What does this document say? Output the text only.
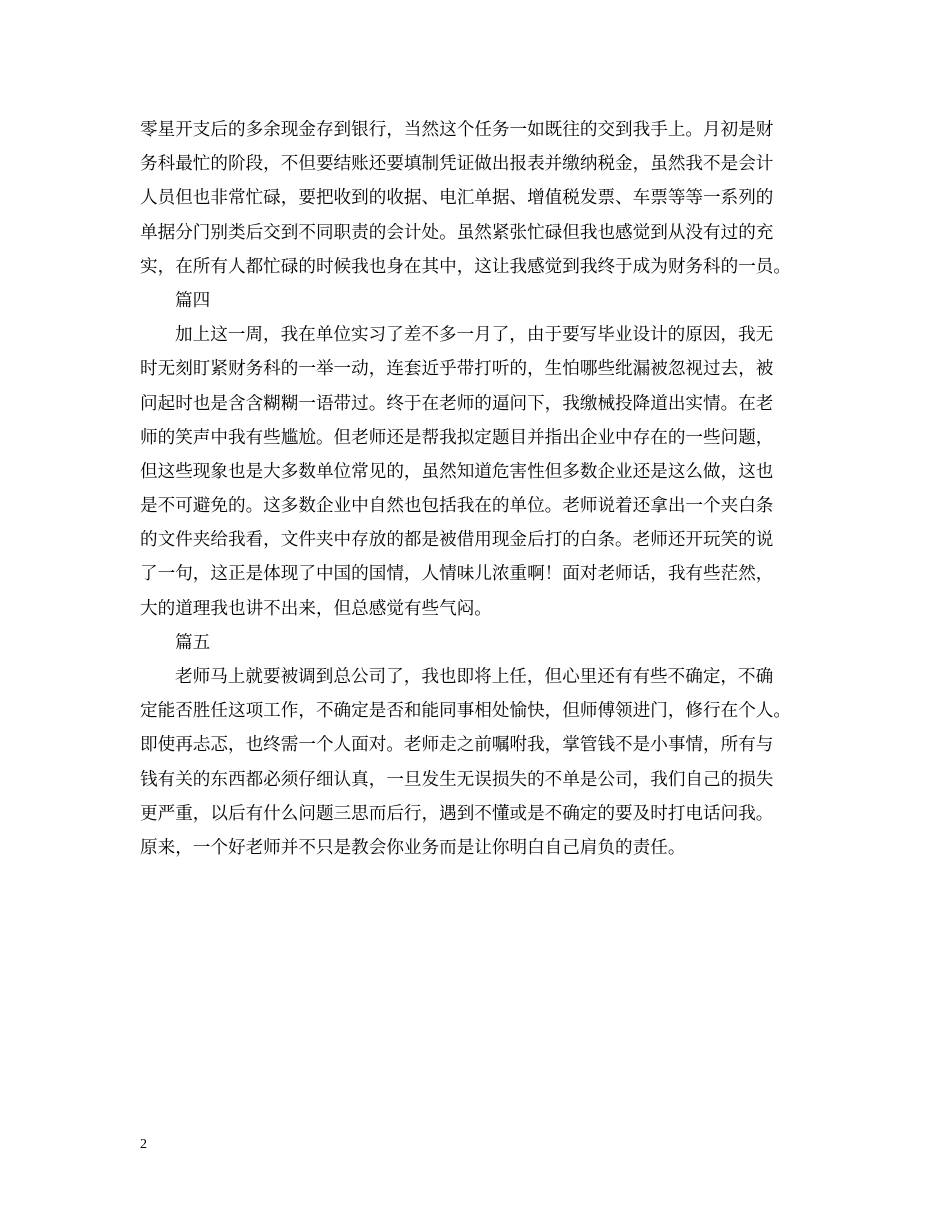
零星开支后的多余现金存到银行，当然这个任务一如既往的交到我手上。月初是财
务科最忙的阶段，不但要结账还要填制凭证做出报表并缴纳税金，虽然我不是会计
人员但也非常忙碌，要把收到的收据、电汇单据、增值税发票、车票等等一系列的
单据分门别类后交到不同职责的会计处。虽然紧张忙碌但我也感觉到从没有过的充
实，在所有人都忙碌的时候我也身在其中，这让我感觉到我终于成为财务科的一员。
篇四
加上这一周，我在单位实习了差不多一月了，由于要写毕业设计的原因，我无
时无刻盯紧财务科的一举一动，连套近乎带打听的，生怕哪些纰漏被忽视过去，被
问起时也是含含糊糊一语带过。终于在老师的逼问下，我缴械投降道出实情。在老
师的笑声中我有些尴尬。但老师还是帮我拟定题目并指出企业中存在的一些问题，
但这些现象也是大多数单位常见的，虽然知道危害性但多数企业还是这么做，这也
是不可避免的。这多数企业中自然也包括我在的单位。老师说着还拿出一个夹白条
的文件夹给我看，文件夹中存放的都是被借用现金后打的白条。老师还开玩笑的说
了一句，这正是体现了中国的国情，人情味儿浓重啊！面对老师话，我有些茫然，
大的道理我也讲不出来，但总感觉有些气闷。
篇五
老师马上就要被调到总公司了，我也即将上任，但心里还有有些不确定，不确
定能否胜任这项工作，不确定是否和能同事相处愉快，但师傅领进门，修行在个人。
即使再忐忑，也终需一个人面对。老师走之前嘱咐我，掌管钱不是小事情，所有与
钱有关的东西都必须仔细认真，一旦发生无误损失的不单是公司，我们自己的损失
更严重，以后有什么问题三思而后行，遇到不懂或是不确定的要及时打电话问我。
原来，一个好老师并不只是教会你业务而是让你明白自己肩负的责任。
2
